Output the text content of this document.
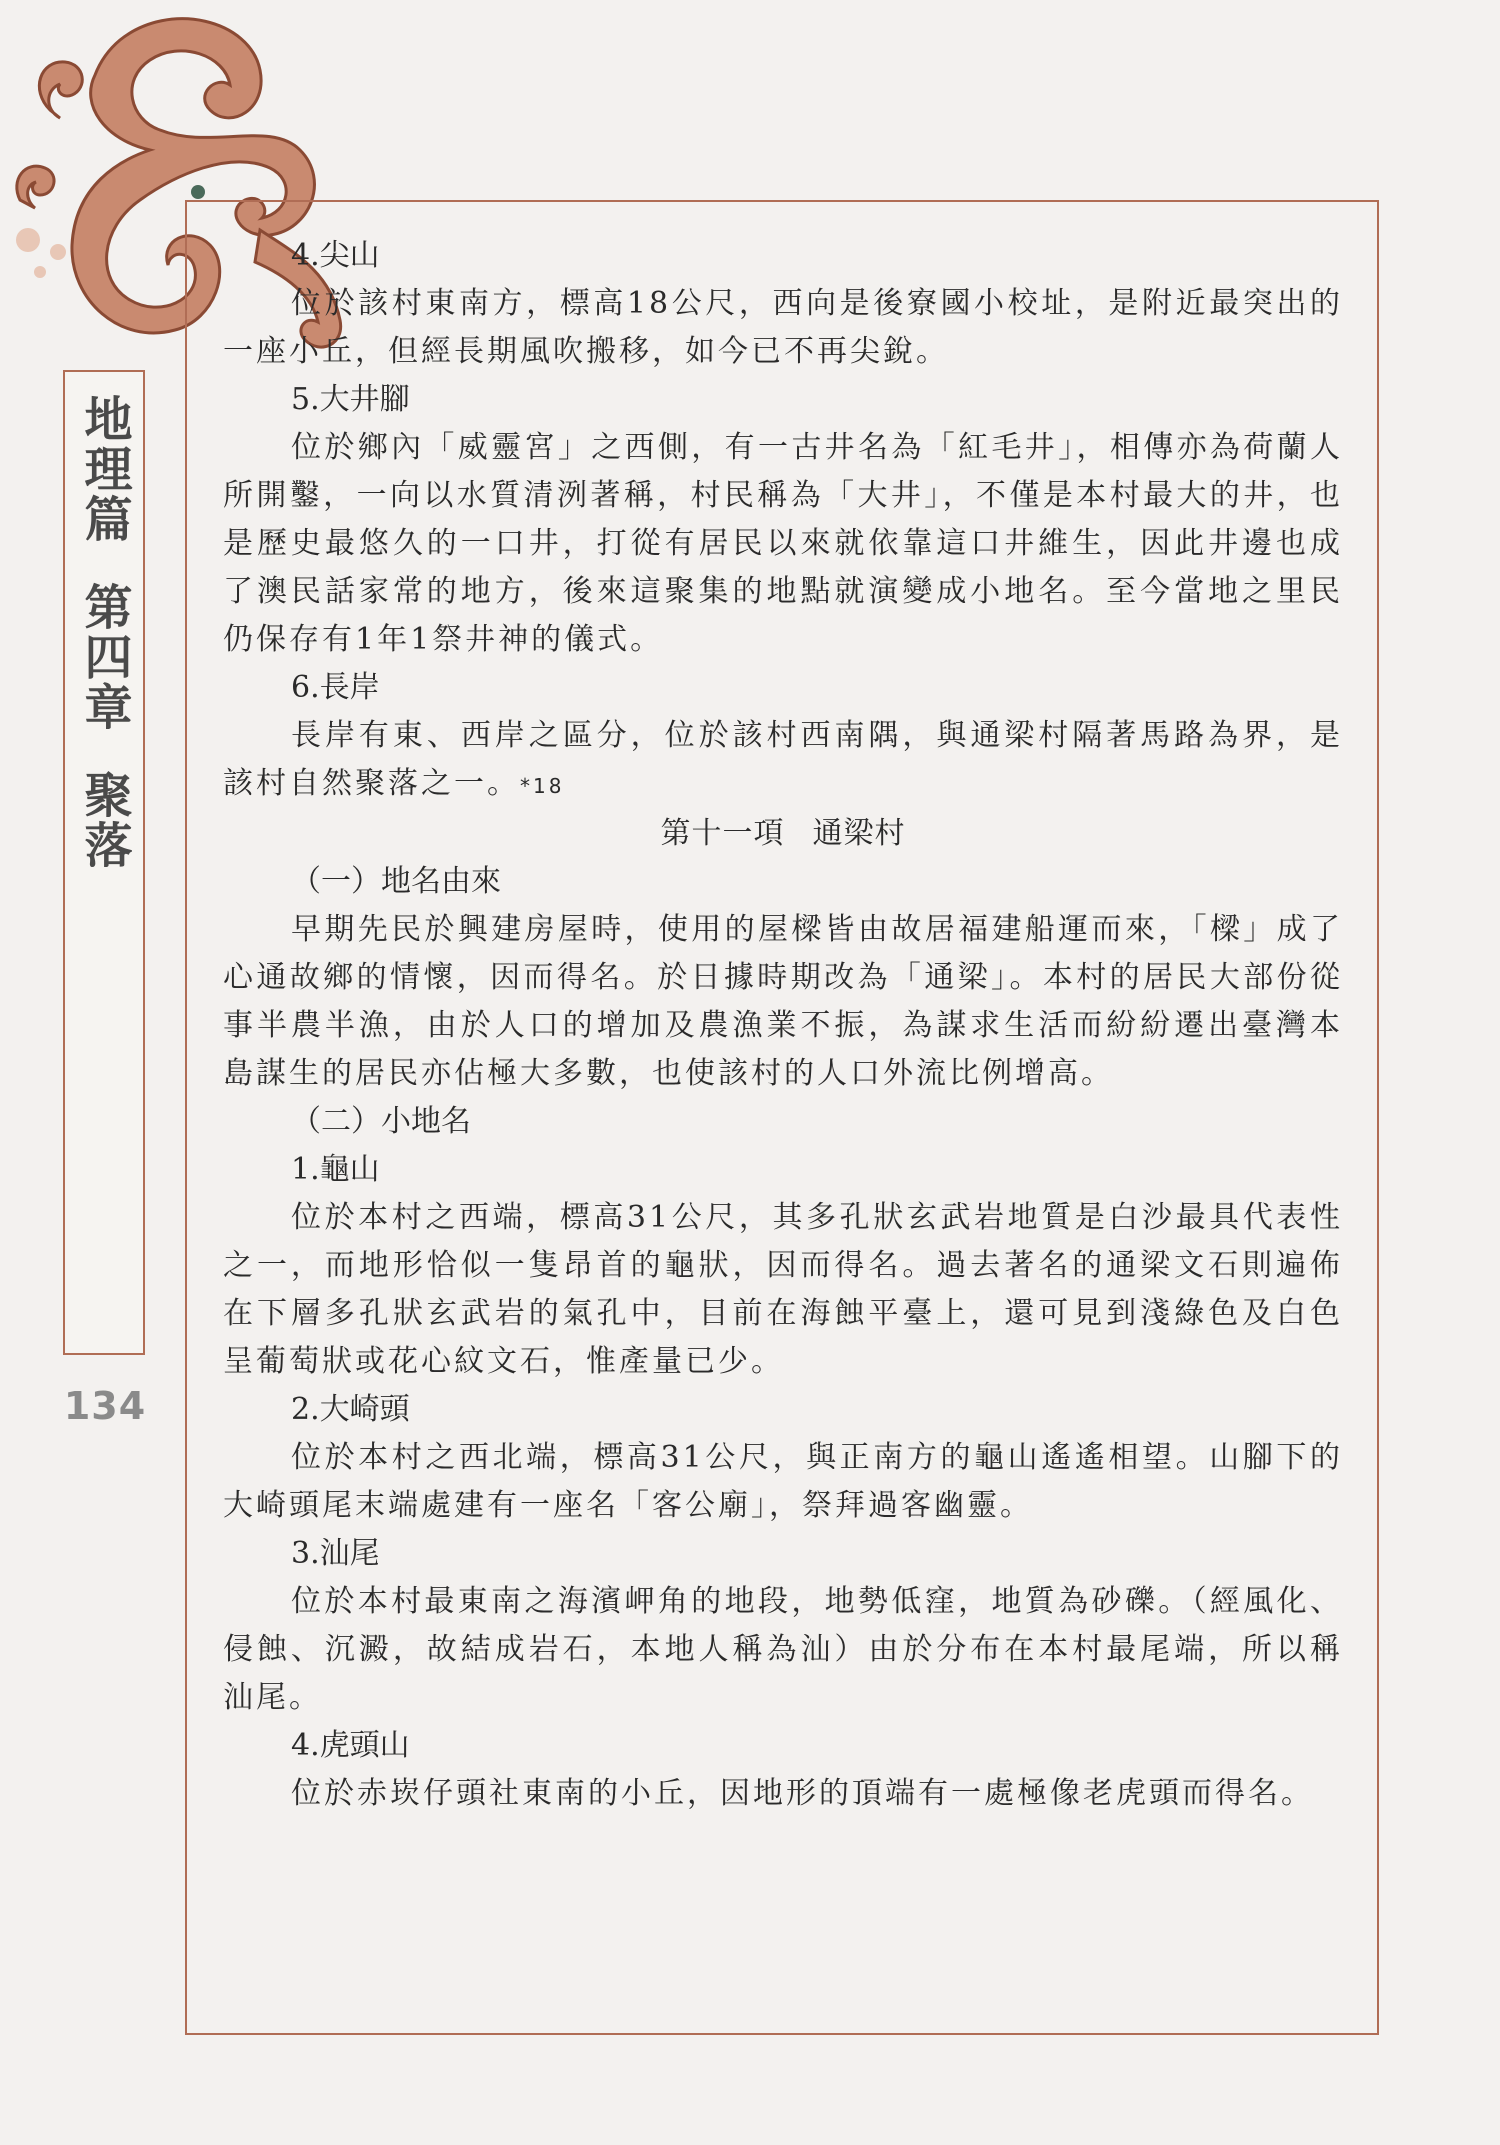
地理篇
第四章
聚落
134

4.尖山

位於該村東南方，標高18公尺，西向是後寮國小校址，是附近最突出的一座小丘，但經長期風吹搬移，如今已不再尖銳。

5.大井腳

位於鄉內「威靈宮」之西側，有一古井名為「紅毛井」，相傳亦為荷蘭人所開鑿，一向以水質清洌著稱，村民稱為「大井」，不僅是本村最大的井，也是歷史最悠久的一口井，打從有居民以來就依靠這口井維生，因此井邊也成了澳民話家常的地方，後來這聚集的地點就演變成小地名。至今當地之里民仍保存有1年1祭井神的儀式。

6.長岸

長岸有東、西岸之區分，位於該村西南隅，與通梁村隔著馬路為界，是該村自然聚落之一。*18

第十一項 通梁村

（一）地名由來

早期先民於興建房屋時，使用的屋樑皆由故居福建船運而來，「樑」成了心通故鄉的情懷，因而得名。於日據時期改為「通梁」。本村的居民大部份從事半農半漁，由於人口的增加及農漁業不振，為謀求生活而紛紛遷出臺灣本島謀生的居民亦佔極大多數，也使該村的人口外流比例增高。

（二）小地名

1.龜山

位於本村之西端，標高31公尺，其多孔狀玄武岩地質是白沙最具代表性之一，而地形恰似一隻昂首的龜狀，因而得名。過去著名的通梁文石則遍佈在下層多孔狀玄武岩的氣孔中，目前在海蝕平臺上，還可見到淺綠色及白色呈葡萄狀或花心紋文石，惟產量已少。

2.大崎頭

位於本村之西北端，標高31公尺，與正南方的龜山遙遙相望。山腳下的大崎頭尾末端處建有一座名「客公廟」，祭拜過客幽靈。

3.汕尾

位於本村最東南之海濱岬角的地段，地勢低窪，地質為砂礫。（經風化、侵蝕、沉澱，故結成岩石，本地人稱為汕）由於分布在本村最尾端，所以稱汕尾。

4.虎頭山

位於赤崁仔頭社東南的小丘，因地形的頂端有一處極像老虎頭而得名。
